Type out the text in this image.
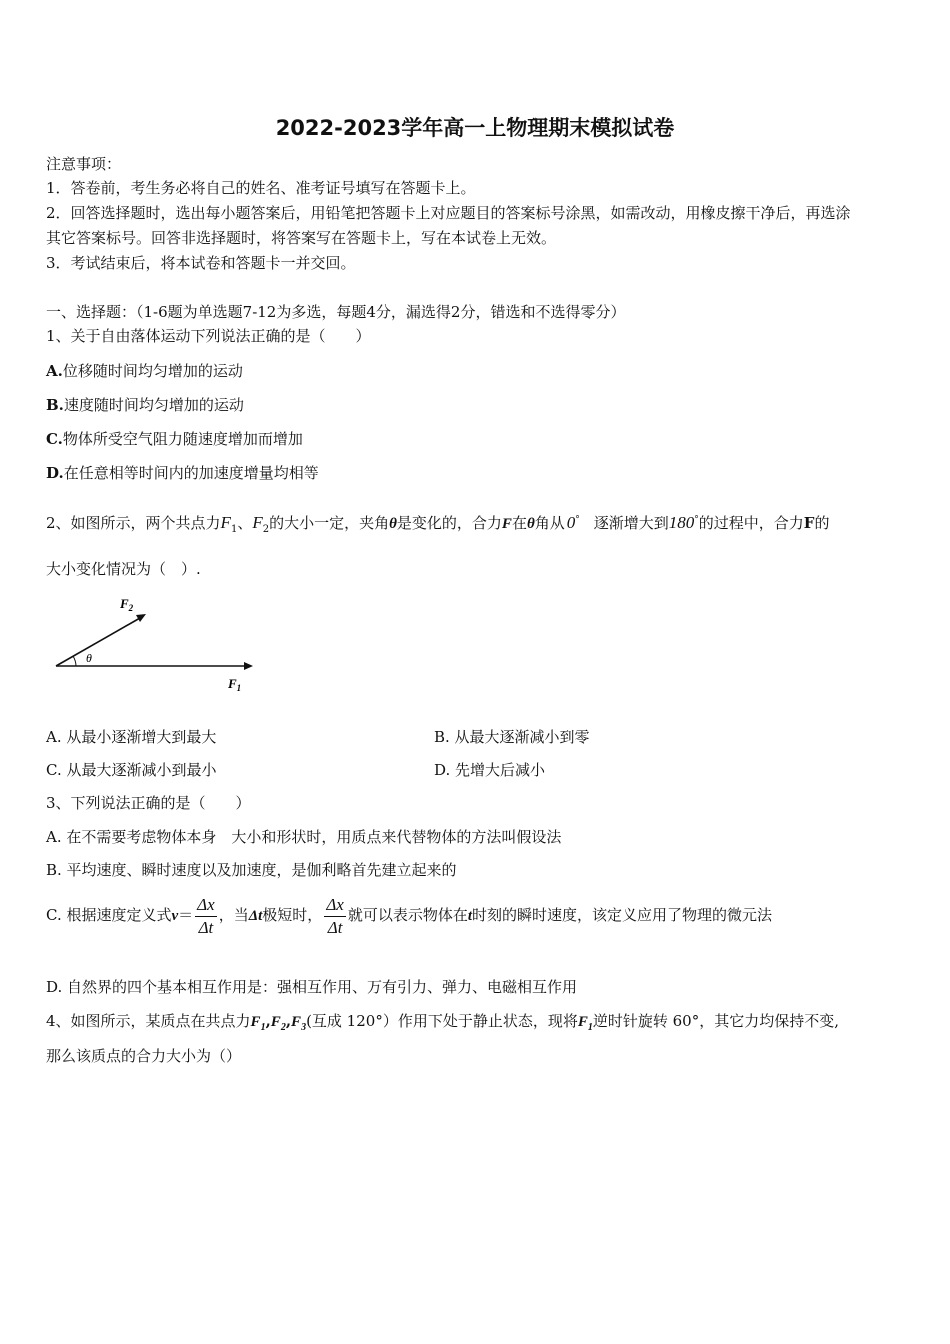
2022-2023学年高一上物理期末模拟试卷
注意事项：
1．答卷前，考生务必将自己的姓名、准考证号填写在答题卡上。
2．回答选择题时，选出每小题答案后，用铅笔把答题卡上对应题目的答案标号涂黑，如需改动，用橡皮擦干净后，再选涂
其它答案标号。回答非选择题时，将答案写在答题卡上，写在本试卷上无效。
3．考试结束后，将本试卷和答题卡一并交回。
一、选择题：（1-6题为单选题7-12为多选，每题4分，漏选得2分，错选和不选得零分）
1、关于自由落体运动下列说法正确的是（　　）
A.位移随时间均匀增加的运动
B.速度随时间均匀增加的运动
C.物体所受空气阻力随速度增加而增加
D.在任意相等时间内的加速度增量均相等
2、如图所示，两个共点力$F_1$、$F_2$的大小一定，夹角θ是变化的，合力F在θ角从 0° 逐渐增大到180°的过程中，合力F的
大小变化情况为（　）.
θ
$F_2$
$F_1$
A. 从最小逐渐增大到最大	B. 从最大逐渐减小到零
C. 从最大逐渐减小到最小	D. 先增大后减小
3、下列说法正确的是（　　）
A. 在不需要考虑物体本身　大小和形状时，用质点来代替物体的方法叫假设法
B. 平均速度、瞬时速度以及加速度，是伽利略首先建立起来的
C. 根据速度定义式$v= \frac{\Delta x}{\Delta t}$ ，当Δt极短时， $\frac{\Delta x}{\Delta t}$ 就可以表示物体在t时刻的瞬时速度，该定义应用了物理的微元法
D. 自然界的四个基本相互作用是：强相互作用、万有引力、弹力、电磁相互作用
4、如图所示，某质点在共点力$F_1,F_2,F_3$(互成 120°）作用下处于静止状态，现将$F_1$逆时针旋转 60°，其它力均保持不变,
那么该质点的合力大小为（）
